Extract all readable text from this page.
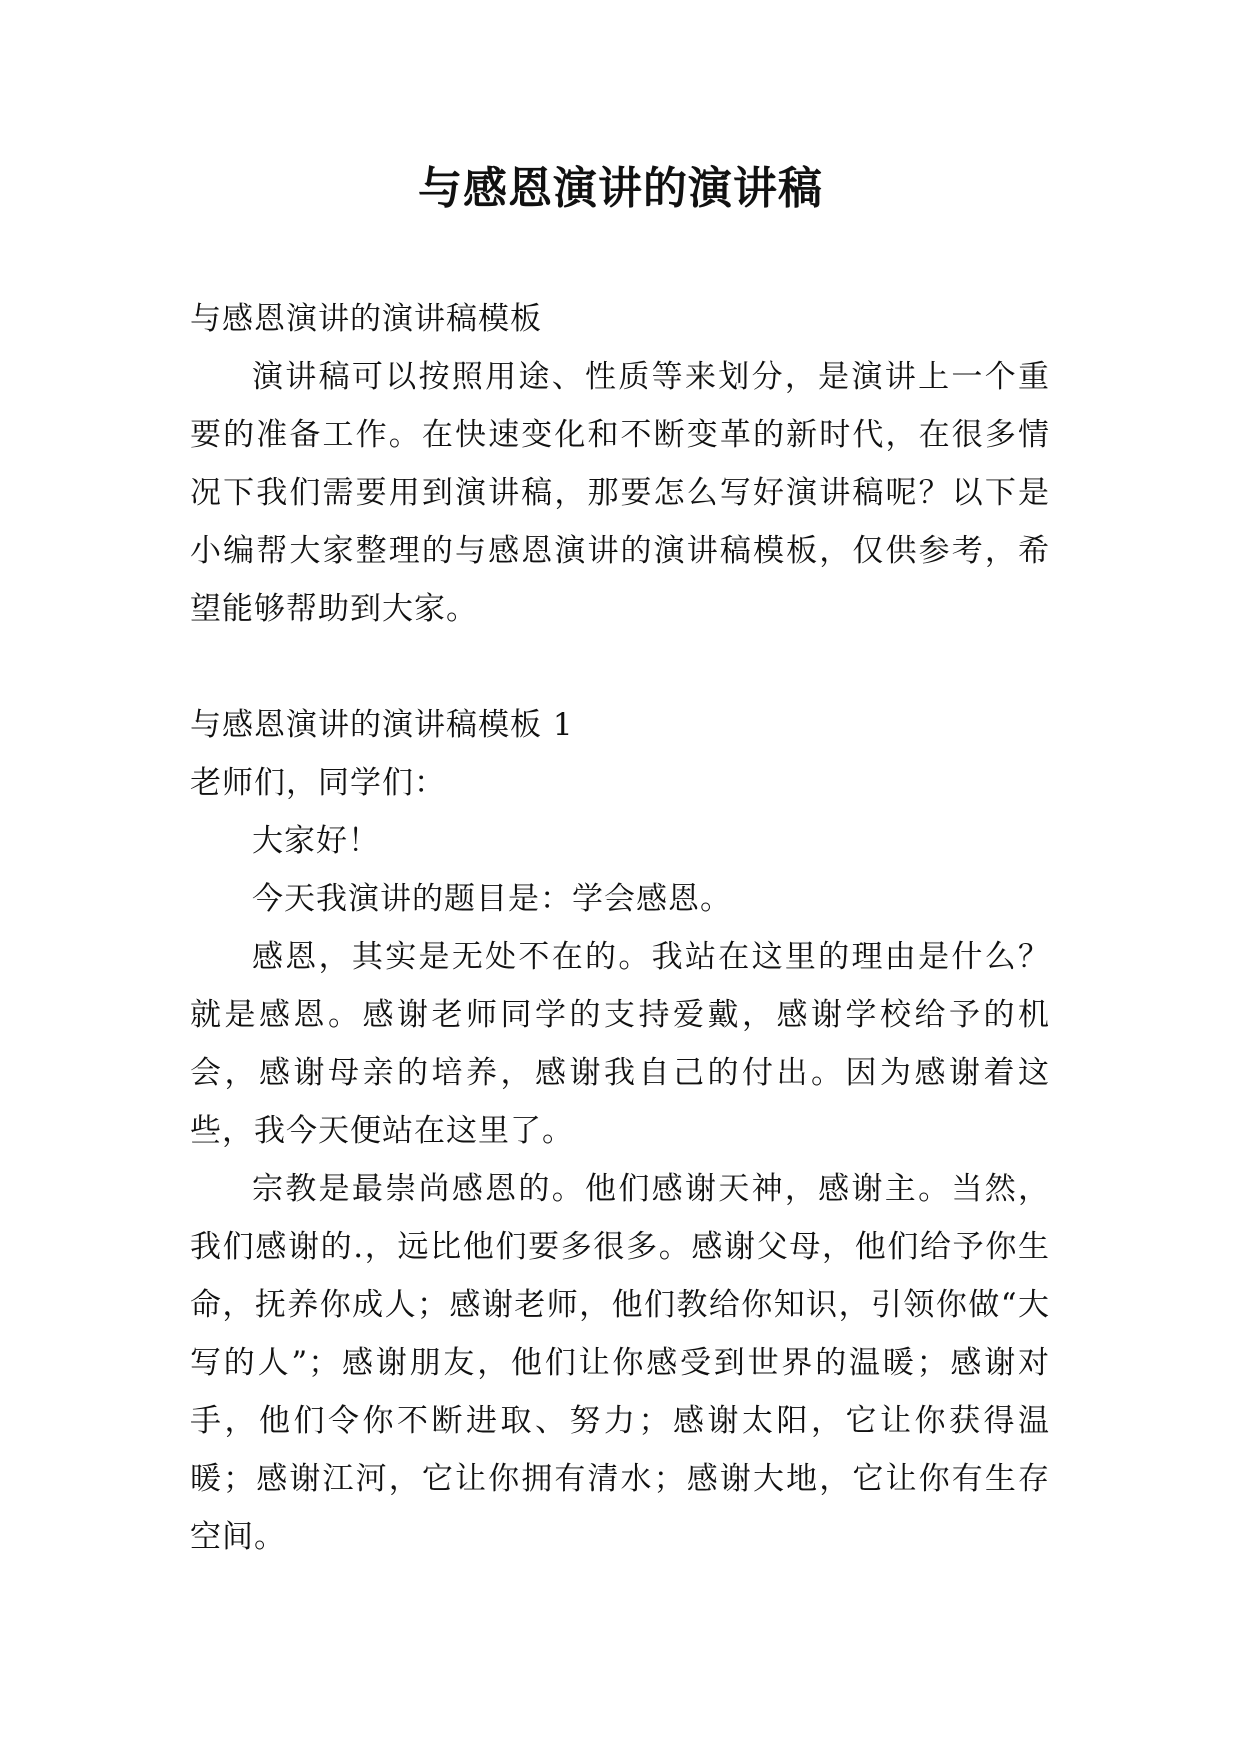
与感恩演讲的演讲稿

与感恩演讲的演讲稿模板

演讲稿可以按照用途、性质等来划分，是演讲上一个重要的准备工作。在快速变化和不断变革的新时代，在很多情况下我们需要用到演讲稿，那要怎么写好演讲稿呢？以下是小编帮大家整理的与感恩演讲的演讲稿模板，仅供参考，希望能够帮助到大家。

与感恩演讲的演讲稿模板 1

老师们，同学们：

大家好！

今天我演讲的题目是：学会感恩。

感恩，其实是无处不在的。我站在这里的理由是什么？就是感恩。感谢老师同学的支持爱戴，感谢学校给予的机会，感谢母亲的培养，感谢我自己的付出。因为感谢着这些，我今天便站在这里了。

宗教是最崇尚感恩的。他们感谢天神，感谢主。当然，我们感谢的.，远比他们要多很多。感谢父母，他们给予你生命，抚养你成人；感谢老师，他们教给你知识，引领你做“大写的人”；感谢朋友，他们让你感受到世界的温暖；感谢对手，他们令你不断进取、努力；感谢太阳，它让你获得温暖；感谢江河，它让你拥有清水；感谢大地，它让你有生存空间。
